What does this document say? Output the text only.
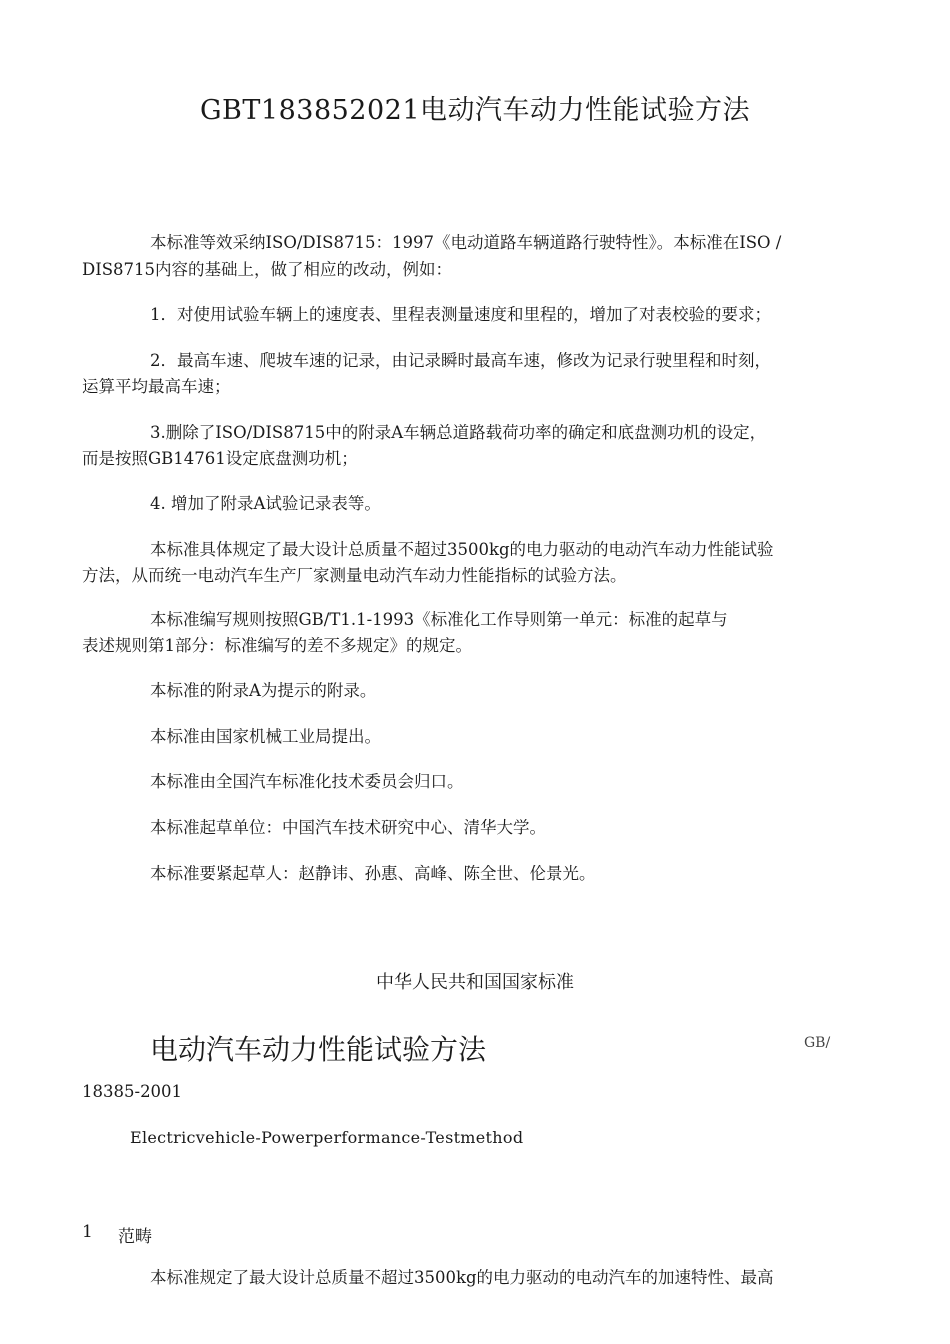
GBT183852021电动汽车动力性能试验方法
本标准等效采纳ISO/DIS8715：1997《电动道路车辆道路行驶特性》。本标准在ISO /
DIS8715内容的基础上，做了相应的改动，例如：
1．对使用试验车辆上的速度表、里程表测量速度和里程的，增加了对表校验的要求；
2．最高车速、爬坡车速的记录，由记录瞬时最高车速，修改为记录行驶里程和时刻，
运算平均最高车速；
3.删除了ISO/DIS8715中的附录A车辆总道路载荷功率的确定和底盘测功机的设定，
而是按照GB14761设定底盘测功机；
4. 增加了附录A试验记录表等。
本标准具体规定了最大设计总质量不超过3500kg的电力驱动的电动汽车动力性能试验
方法，从而统一电动汽车生产厂家测量电动汽车动力性能指标的试验方法。
本标准编写规则按照GB/T1.1-1993《标准化工作导则第一单元：标准的起草与
表述规则第1部分：标准编写的差不多规定》的规定。
本标准的附录A为提示的附录。
本标准由国家机械工业局提出。
本标准由全国汽车标准化技术委员会归口。
本标准起草单位：中国汽车技术研究中心、清华大学。
本标准要紧起草人：赵静讳、孙惠、高峰、陈全世、伦景光。
中华人民共和国国家标准
电动汽车动力性能试验方法	GB/
18385-2001
Electricvehicle-Powerperformance-Testmethod
1 范畴
本标准规定了最大设计总质量不超过3500kg的电力驱动的电动汽车的加速特性、最高
